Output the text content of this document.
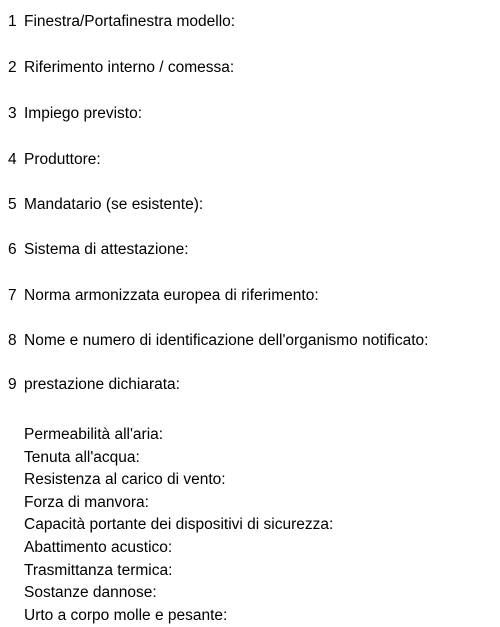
1 Finestra/Portafinestra modello:
2 Riferimento interno / comessa:
3 Impiego previsto:
4 Produttore:
5 Mandatario (se esistente):
6 Sistema di attestazione:
7 Norma armonizzata europea di riferimento:
8 Nome e numero di identificazione dell'organismo notificato:
9 prestazione dichiarata:
Permeabilità all'aria:
Tenuta all'acqua:
Resistenza al carico di vento:
Forza di manvora:
Capacità portante dei dispositivi di sicurezza:
Abattimento acustico:
Trasmittanza termica:
Sostanze dannose:
Urto a corpo molle e pesante:
